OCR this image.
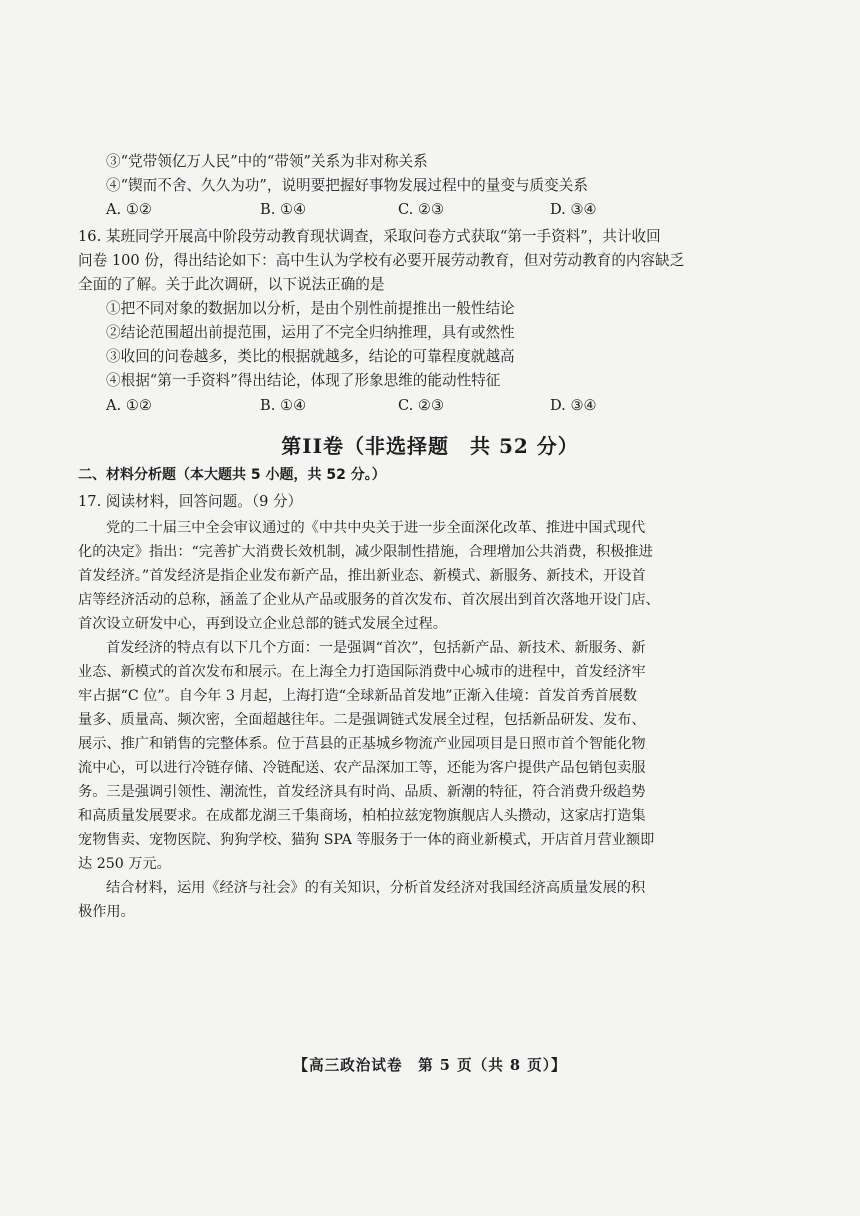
③“党带领亿万人民”中的“带领”关系为非对称关系
④“锲而不舍、久久为功”，说明要把握好事物发展过程中的量变与质变关系
A. ①②	B. ①④	C. ②③	D. ③④
16. 某班同学开展高中阶段劳动教育现状调查，采取问卷方式获取“第一手资料”，共计收回
问卷 100 份，得出结论如下：高中生认为学校有必要开展劳动教育，但对劳动教育的内容缺乏
全面的了解。关于此次调研，以下说法正确的是
①把不同对象的数据加以分析，是由个别性前提推出一般性结论
②结论范围超出前提范围，运用了不完全归纳推理，具有或然性
③收回的问卷越多，类比的根据就越多，结论的可靠程度就越高
④根据“第一手资料”得出结论，体现了形象思维的能动性特征
A. ①②	B. ①④	C. ②③	D. ③④
第II卷（非选择题　共 52 分）
二、材料分析题（本大题共 5 小题，共 52 分。）
17. 阅读材料，回答问题。（9 分）
党的二十届三中全会审议通过的《中共中央关于进一步全面深化改革、推进中国式现代
化的决定》指出：“完善扩大消费长效机制，减少限制性措施，合理增加公共消费，积极推进
首发经济。”首发经济是指企业发布新产品，推出新业态、新模式、新服务、新技术，开设首
店等经济活动的总称，涵盖了企业从产品或服务的首次发布、首次展出到首次落地开设门店、
首次设立研发中心，再到设立企业总部的链式发展全过程。
首发经济的特点有以下几个方面：一是强调“首次”，包括新产品、新技术、新服务、新
业态、新模式的首次发布和展示。在上海全力打造国际消费中心城市的进程中，首发经济牢
牢占据“C 位”。自今年 3 月起，上海打造“全球新品首发地”正渐入佳境：首发首秀首展数
量多、质量高、频次密，全面超越往年。二是强调链式发展全过程，包括新品研发、发布、
展示、推广和销售的完整体系。位于莒县的正基城乡物流产业园项目是日照市首个智能化物
流中心，可以进行冷链存储、冷链配送、农产品深加工等，还能为客户提供产品包销包卖服
务。三是强调引领性、潮流性，首发经济具有时尚、品质、新潮的特征，符合消费升级趋势
和高质量发展要求。在成都龙湖三千集商场，柏柏拉兹宠物旗舰店人头攒动，这家店打造集
宠物售卖、宠物医院、狗狗学校、猫狗 SPA 等服务于一体的商业新模式，开店首月营业额即
达 250 万元。
结合材料，运用《经济与社会》的有关知识，分析首发经济对我国经济高质量发展的积
极作用。
【高三政治试卷　第 5 页（共 8 页）】
